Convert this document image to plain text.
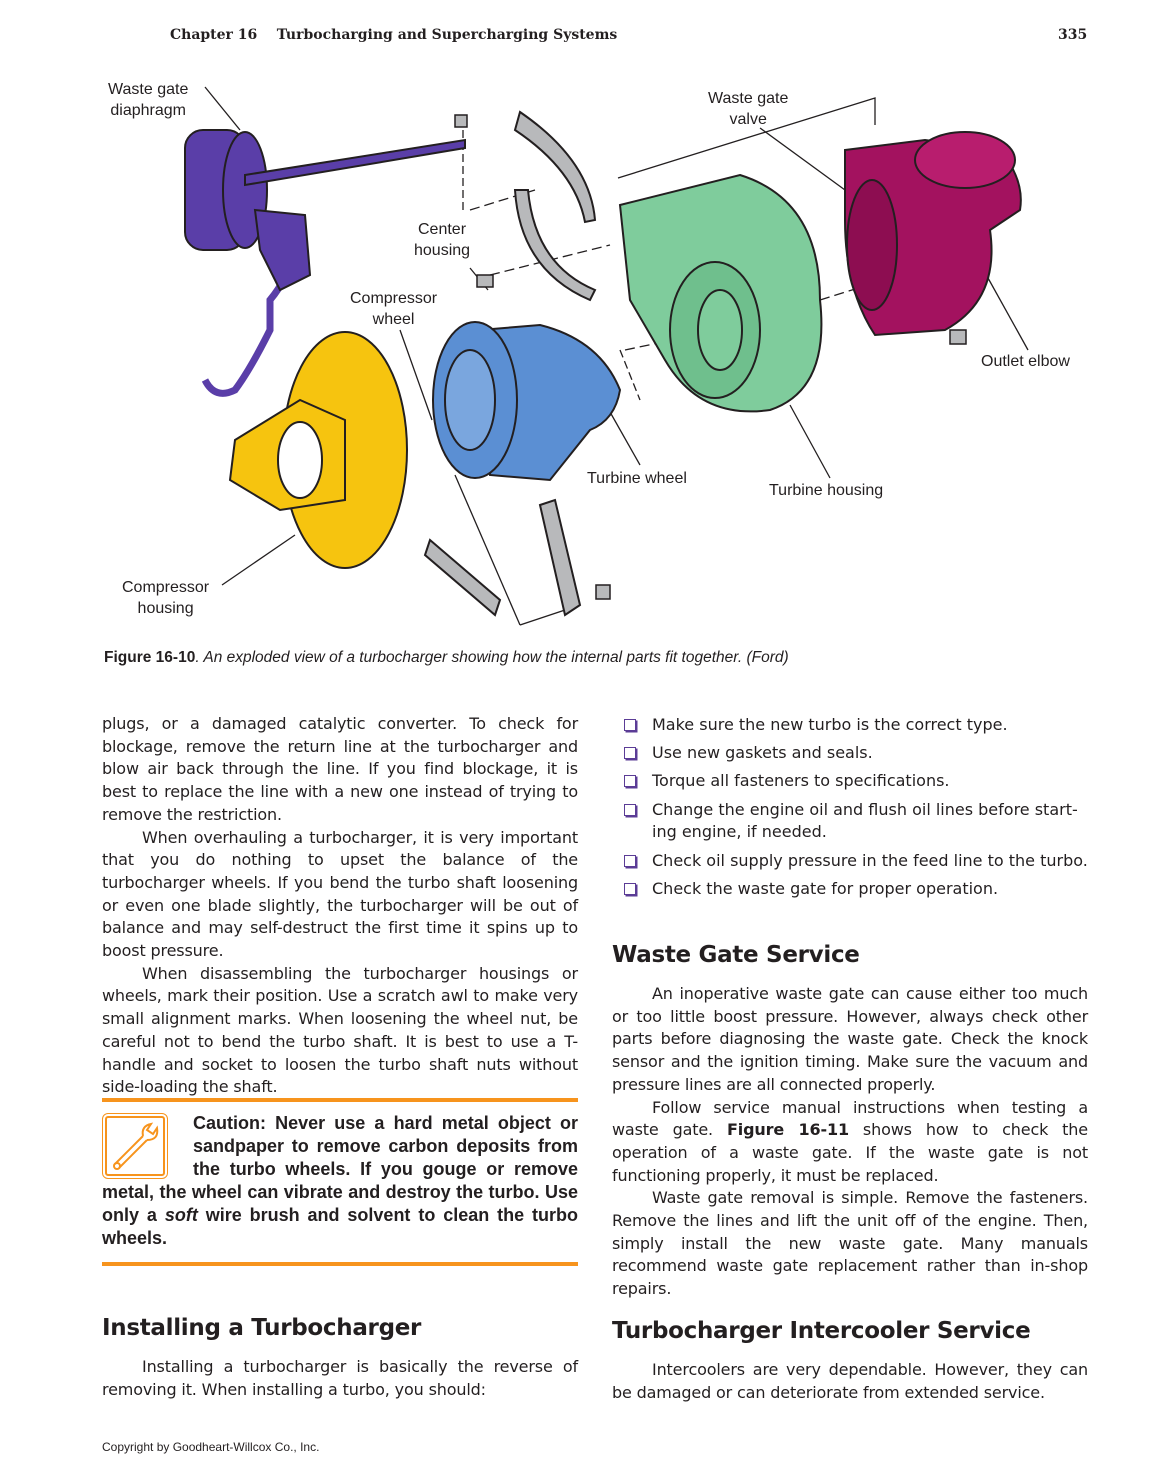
Chapter 16 Turbocharging and Supercharging Systems	335
Waste gate
diaphragm
Waste gate
valve
Center
housing
Compressor
wheel
Outlet elbow
Turbine wheel
Turbine housing
Compressor
housing
Figure 16-10. An exploded view of a turbocharger showing how the internal parts fit together. (Ford)

plugs, or a damaged catalytic converter. To check for blockage, remove the return line at the turbocharger and blow air back through the line. If you find blockage, it is best to replace the line with a new one instead of trying to remove the restriction.

When overhauling a turbocharger, it is very important that you do nothing to upset the balance of the turbocharger wheels. If you bend the turbo shaft loosening or even one blade slightly, the turbocharger will be out of balance and may self-destruct the first time it spins up to boost pressure.

When disassembling the turbocharger housings or wheels, mark their position. Use a scratch awl to make very small alignment marks. When loosening the wheel nut, be careful not to bend the turbo shaft. It is best to use a T-handle and socket to loosen the turbo shaft nuts without side-loading the shaft.

Caution: Never use a hard metal object or sandpaper to remove carbon deposits from the turbo wheels. If you gouge or remove metal, the wheel can vibrate and destroy the turbo. Use only a soft wire brush and solvent to clean the turbo wheels.
Installing a Turbocharger

Installing a turbocharger is basically the reverse of removing it. When installing a turbo, you should:

Make sure the new turbo is the correct type.
Use new gaskets and seals.
Torque all fasteners to specifications.
Change the engine oil and flush oil lines before start-ing engine, if needed.
Check oil supply pressure in the feed line to the turbo.
Check the waste gate for proper operation.
Waste Gate Service

An inoperative waste gate can cause either too much or too little boost pressure. However, always check other parts before diagnosing the waste gate. Check the knock sensor and the ignition timing. Make sure the vacuum and pressure lines are all connected properly.

Follow service manual instructions when testing a waste gate. Figure 16-11 shows how to check the operation of a waste gate. If the waste gate is not functioning properly, it must be replaced.

Waste gate removal is simple. Remove the fasteners. Remove the lines and lift the unit off of the engine. Then, simply install the new waste gate. Many manuals recommend waste gate replacement rather than in-shop repairs.

Turbocharger Intercooler Service

Intercoolers are very dependable. However, they can be damaged or can deteriorate from extended service.

Copyright by Goodheart-Willcox Co., Inc.
